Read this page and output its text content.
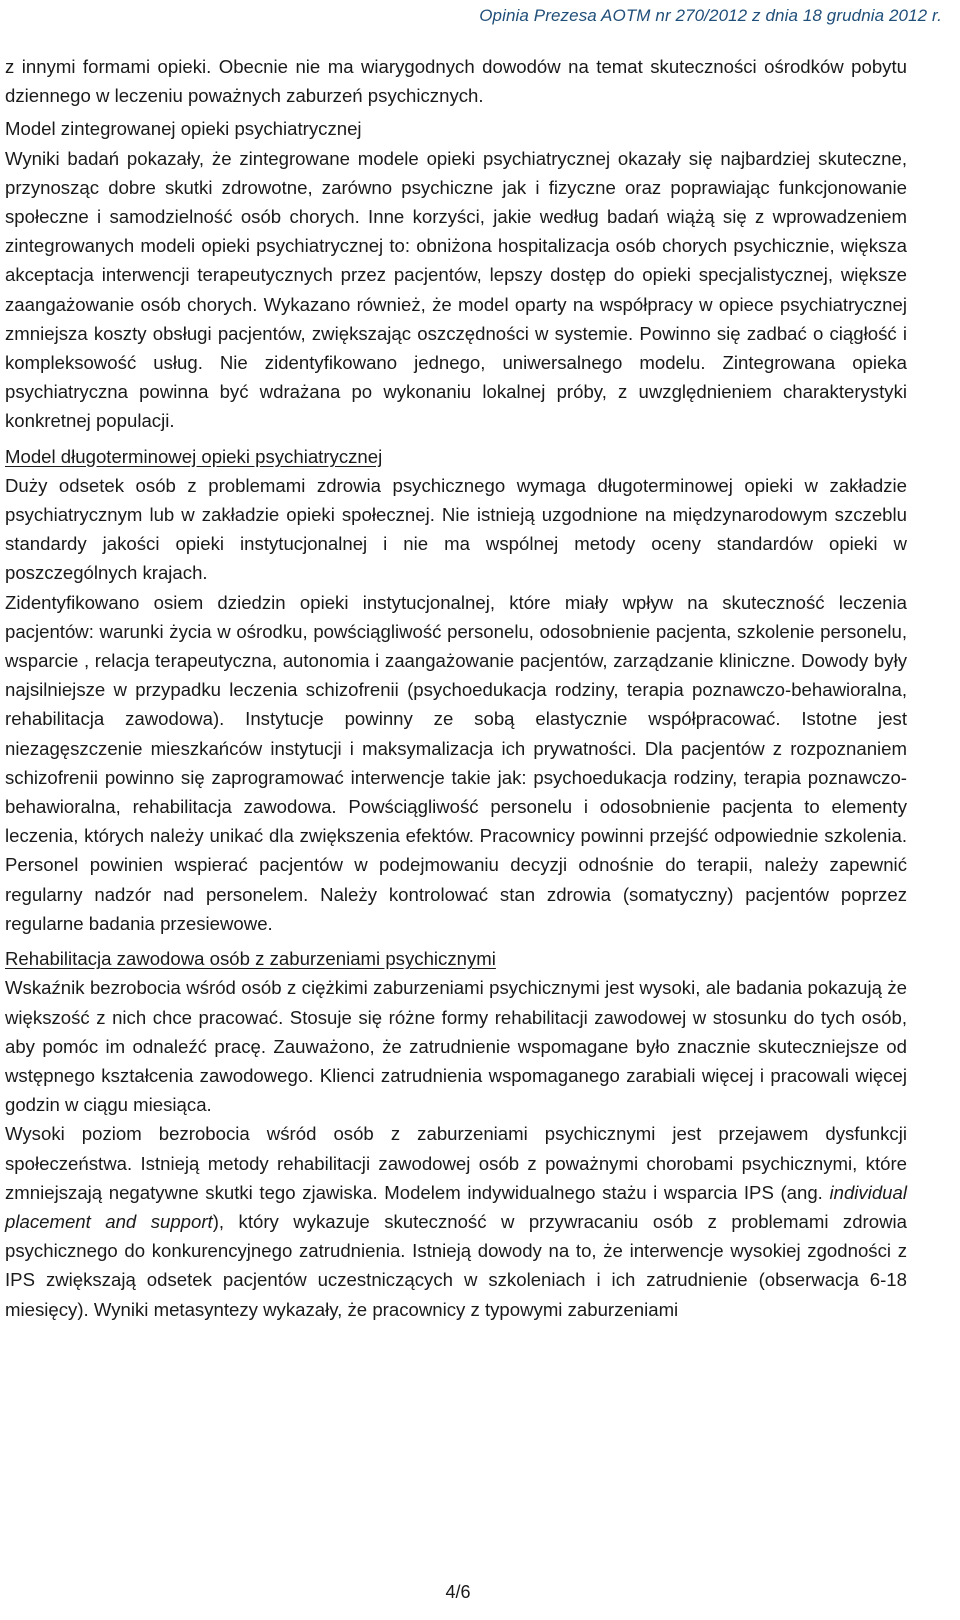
Opinia Prezesa AOTM nr 270/2012 z dnia 18 grudnia 2012 r.

z innymi formami opieki. Obecnie nie ma wiarygodnych dowodów na temat skuteczności ośrodków pobytu dziennego w leczeniu poważnych zaburzeń psychicznych.

Model zintegrowanej opieki psychiatrycznej

Wyniki badań pokazały, że zintegrowane modele opieki psychiatrycznej okazały się najbardziej skuteczne, przynosząc dobre skutki zdrowotne, zarówno psychiczne jak i fizyczne oraz poprawiając funkcjonowanie społeczne i samodzielność osób chorych. Inne korzyści, jakie według badań wiążą się z wprowadzeniem zintegrowanych modeli opieki psychiatrycznej to: obniżona hospitalizacja osób chorych psychicznie, większa akceptacja interwencji terapeutycznych przez pacjentów, lepszy dostęp do opieki specjalistycznej, większe zaangażowanie osób chorych. Wykazano również, że model oparty na współpracy w opiece psychiatrycznej zmniejsza koszty obsługi pacjentów, zwiększając oszczędności w systemie. Powinno się zadbać o ciągłość i kompleksowość usług. Nie zidentyfikowano jednego, uniwersalnego modelu. Zintegrowana opieka psychiatryczna powinna być wdrażana po wykonaniu lokalnej próby, z uwzględnieniem charakterystyki konkretnej populacji.

Model długoterminowej opieki psychiatrycznej

Duży odsetek osób z problemami zdrowia psychicznego wymaga długoterminowej opieki w zakładzie psychiatrycznym lub w zakładzie opieki społecznej. Nie istnieją uzgodnione na międzynarodowym szczeblu standardy jakości opieki instytucjonalnej i nie ma wspólnej metody oceny standardów opieki w poszczególnych krajach.

Zidentyfikowano osiem dziedzin opieki instytucjonalnej, które miały wpływ na skuteczność leczenia pacjentów: warunki życia w ośrodku, powściągliwość personelu, odosobnienie pacjenta, szkolenie personelu, wsparcie , relacja terapeutyczna, autonomia i zaangażowanie pacjentów, zarządzanie kliniczne. Dowody były najsilniejsze w przypadku leczenia schizofrenii (psychoedukacja rodziny, terapia poznawczo-behawioralna, rehabilitacja zawodowa). Instytucje powinny ze sobą elastycznie współpracować. Istotne jest niezagęszczenie mieszkańców instytucji i maksymalizacja ich prywatności. Dla pacjentów z rozpoznaniem schizofrenii powinno się zaprogramować interwencje takie jak: psychoedukacja rodziny, terapia poznawczo-behawioralna, rehabilitacja zawodowa. Powściągliwość personelu i odosobnienie pacjenta to elementy leczenia, których należy unikać dla zwiększenia efektów. Pracownicy powinni przejść odpowiednie szkolenia. Personel powinien wspierać pacjentów w podejmowaniu decyzji odnośnie do terapii, należy zapewnić regularny nadzór nad personelem. Należy kontrolować stan zdrowia (somatyczny) pacjentów poprzez regularne badania przesiewowe.

Rehabilitacja zawodowa osób z zaburzeniami psychicznymi

Wskaźnik bezrobocia wśród osób z ciężkimi zaburzeniami psychicznymi jest wysoki, ale badania pokazują że większość z nich chce pracować. Stosuje się różne formy rehabilitacji zawodowej w stosunku do tych osób, aby pomóc im odnaleźć pracę. Zauważono, że zatrudnienie wspomagane było znacznie skuteczniejsze od wstępnego kształcenia zawodowego. Klienci zatrudnienia wspomaganego zarabiali więcej i pracowali więcej godzin w ciągu miesiąca.

Wysoki poziom bezrobocia wśród osób z zaburzeniami psychicznymi jest przejawem dysfunkcji społeczeństwa. Istnieją metody rehabilitacji zawodowej osób z poważnymi chorobami psychicznymi, które zmniejszają negatywne skutki tego zjawiska. Modelem indywidualnego stażu i wsparcia IPS (ang. individual placement and support), który wykazuje skuteczność w przywracaniu osób z problemami zdrowia psychicznego do konkurencyjnego zatrudnienia. Istnieją dowody na to, że interwencje wysokiej zgodności z IPS zwiększają odsetek pacjentów uczestniczących w szkoleniach i ich zatrudnienie (obserwacja 6-18 miesięcy). Wyniki metasyntezy wykazały, że pracownicy z typowymi zaburzeniami

4/6
